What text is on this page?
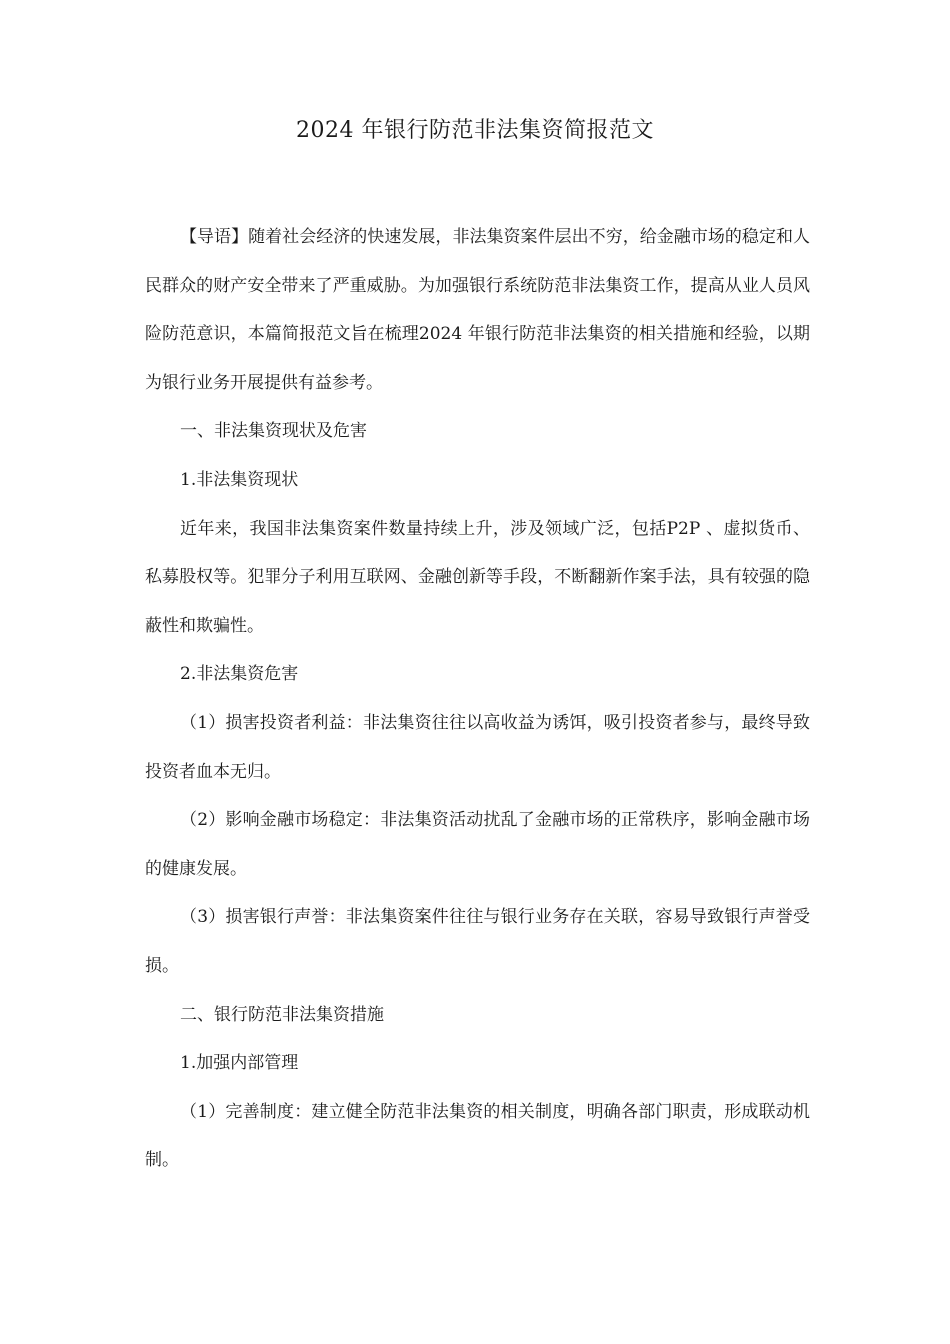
2024 年银行防范非法集资简报范文

【导语】随着社会经济的快速发展，非法集资案件层出不穷，给金融市场的稳定和人民群众的财产安全带来了严重威胁。为加强银行系统防范非法集资工作，提高从业人员风险防范意识，本篇简报范文旨在梳理2024 年银行防范非法集资的相关措施和经验，以期为银行业务开展提供有益参考。

一、非法集资现状及危害

1.非法集资现状

近年来，我国非法集资案件数量持续上升，涉及领域广泛，包括P2P 、虚拟货币、私募股权等。犯罪分子利用互联网、金融创新等手段，不断翻新作案手法，具有较强的隐蔽性和欺骗性。

2.非法集资危害

（1）损害投资者利益：非法集资往往以高收益为诱饵，吸引投资者参与，最终导致投资者血本无归。

（2）影响金融市场稳定：非法集资活动扰乱了金融市场的正常秩序，影响金融市场的健康发展。

（3）损害银行声誉：非法集资案件往往与银行业务存在关联，容易导致银行声誉受损。

二、银行防范非法集资措施

1.加强内部管理

（1）完善制度：建立健全防范非法集资的相关制度，明确各部门职责，形成联动机制。
